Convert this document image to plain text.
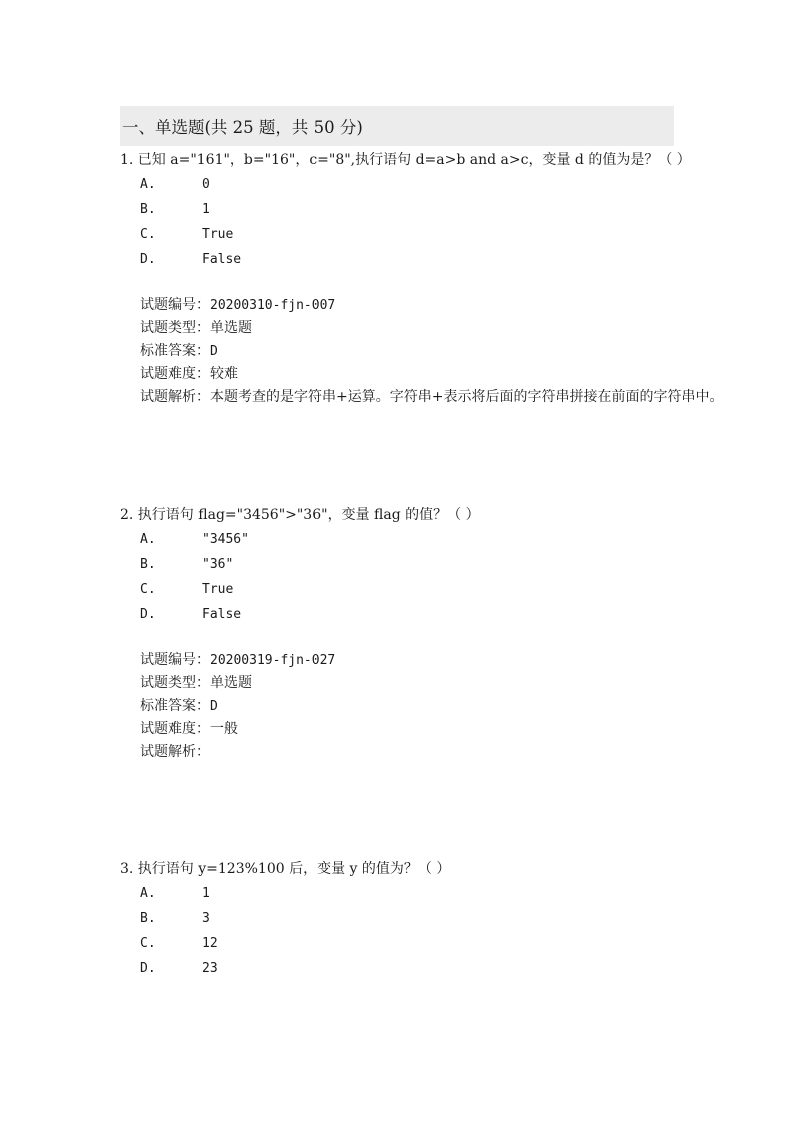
一、单选题(共 25 题，共 50 分)
1. 已知 a="161"，b="16"，c="8",执行语句 d=a>b and a>c，变量 d 的值为是？（ ）
A.	0
B.	1
C.	True
D.	False
试题编号：20200310-fjn-007
试题类型：单选题
标准答案：D
试题难度：较难
试题解析：本题考查的是字符串+运算。字符串+表示将后面的字符串拼接在前面的字符串中。
2. 执行语句 flag="3456">"36"，变量 flag 的值？（ ）
A.	"3456"
B.	"36"
C.	True
D.	False
试题编号：20200319-fjn-027
试题类型：单选题
标准答案：D
试题难度：一般
试题解析：
3. 执行语句 y=123%100 后，变量 y 的值为？（ ）
A.	1
B.	3
C.	12
D.	23
